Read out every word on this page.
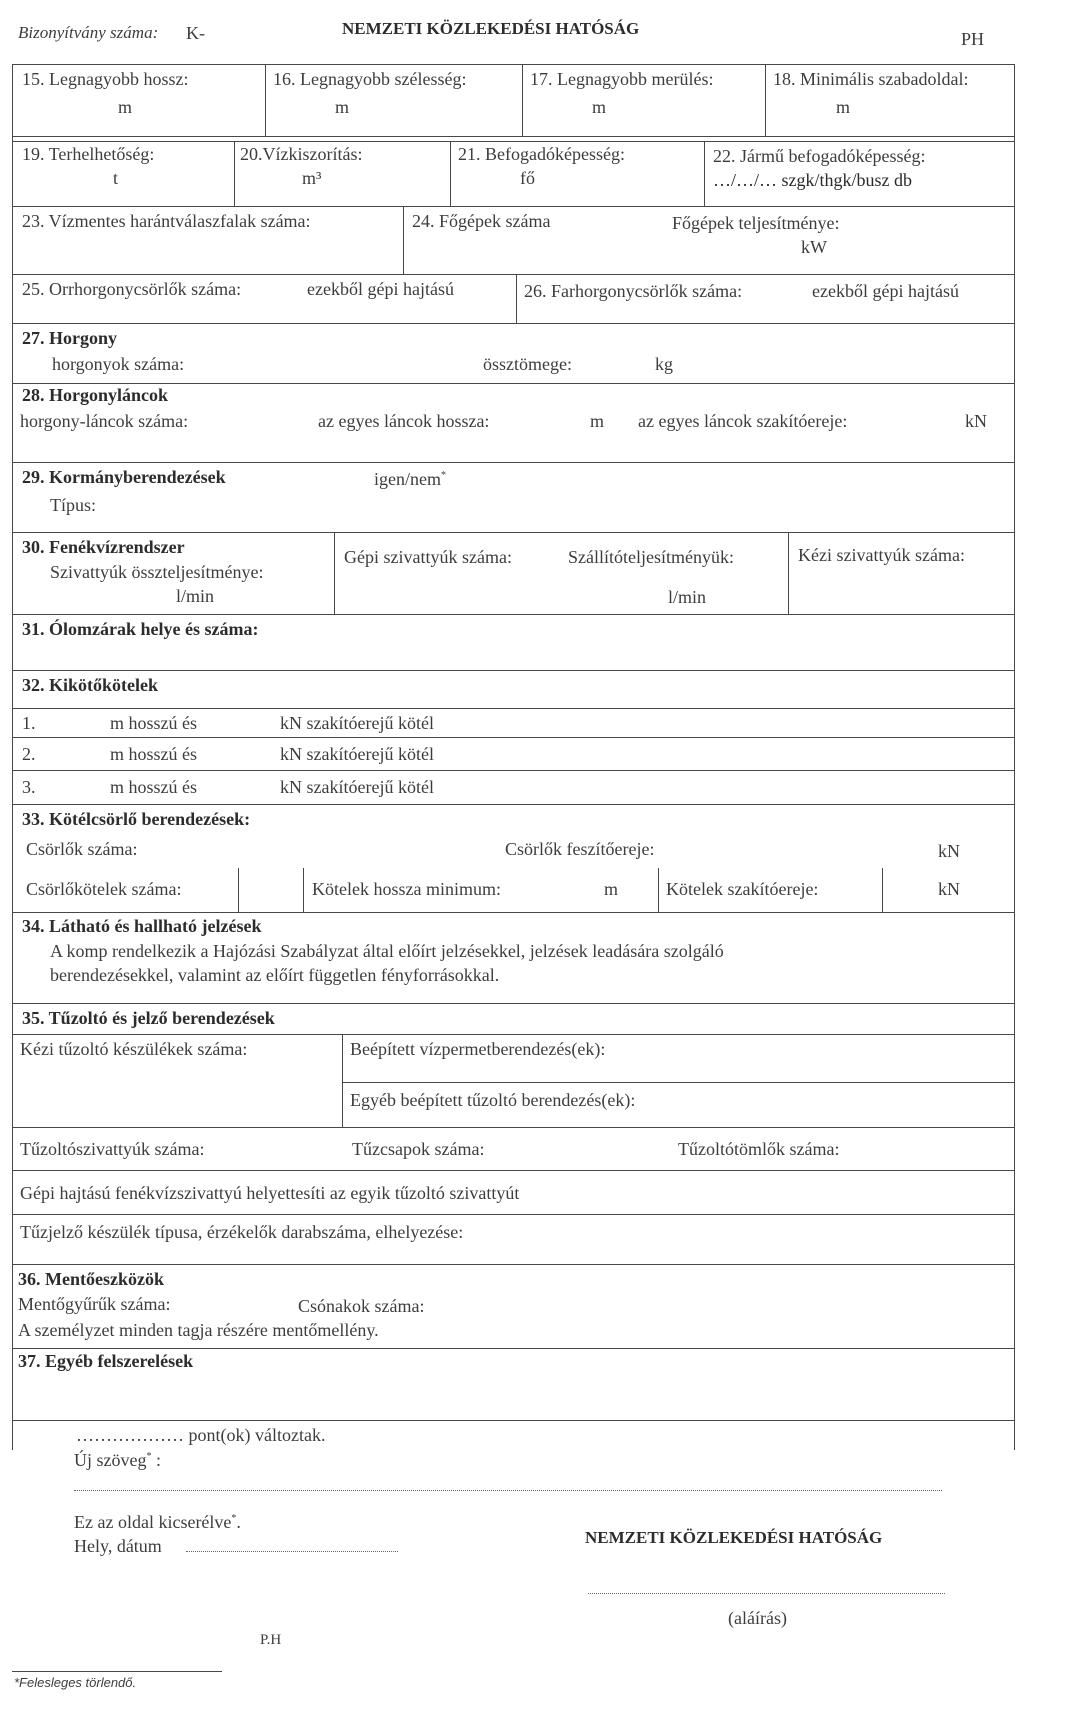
Bizonyítvány száma: K-	NEMZETI KÖZLEKEDÉSI HATÓSÁG
PH
15. Legnagyobb hossz:
m
16. Legnagyobb szélesség:
m
17. Legnagyobb merülés:
m
18. Minimális szabadoldal:
m
19. Terhelhetőség:
t
20.Vízkiszorítás:
m³
21. Befogadóképesség:
fő
22. Jármű befogadóképesség:
…/…/… szgk/thgk/busz db
23. Vízmentes harántválaszfalak száma:	24. Főgépek száma	Főgépek teljesítménye:
kW
25. Orrhorgonycsörlők száma:	ezekből gépi hajtású	26. Farhorgonycsörlők száma:	ezekből gépi hajtású
27. Horgony
horgonyok száma:	össztömege:	kg
28. Horgonyláncok
horgony-láncok száma:	az egyes láncok hossza:	m az egyes láncok szakítóereje:	kN
29. Kormányberendezések	igen/nem*
Típus:
30. Fenékvízrendszer
Szivattyúk összteljesítménye:
l/min
Gépi szivattyúk száma:	Szállítóteljesítményük:
l/min
Kézi szivattyúk száma:
31. Ólomzárak helye és száma:
32. Kikötőkötelek
1.	m hosszú és	kN szakítóerejű kötél
2.	m hosszú és	kN szakítóerejű kötél
3.	m hosszú és	kN szakítóerejű kötél
33. Kötélcsörlő berendezések:
Csörlők száma:	Csörlők feszítőereje:	kN
Csörlőkötelek száma:	Kötelek hossza minimum:	m	Kötelek szakítóereje:	kN
34. Látható és hallható jelzések
A komp rendelkezik a Hajózási Szabályzat által előírt jelzésekkel, jelzések leadására szolgáló
berendezésekkel, valamint az előírt független fényforrásokkal.
35. Tűzoltó és jelző berendezések
Kézi tűzoltó készülékek száma:	Beépített vízpermetberendezés(ek):
Egyéb beépített tűzoltó berendezés(ek):
Tűzoltószivattyúk száma:	Tűzcsapok száma:	Tűzoltótömlők száma:
Gépi hajtású fenékvízszivattyú helyettesíti az egyik tűzoltó szivattyút
Tűzjelző készülék típusa, érzékelők darabszáma, elhelyezése:
36. Mentőeszközök
Mentőgyűrűk száma:	Csónakok száma:
A személyzet minden tagja részére mentőmellény.
37. Egyéb felszerelések
……………… pont(ok) változtak.
Új szöveg* :
Ez az oldal kicserélve*.
Hely, dátum	NEMZETI KÖZLEKEDÉSI HATÓSÁG
(aláírás)
P.H
*Felesleges törlendő.
